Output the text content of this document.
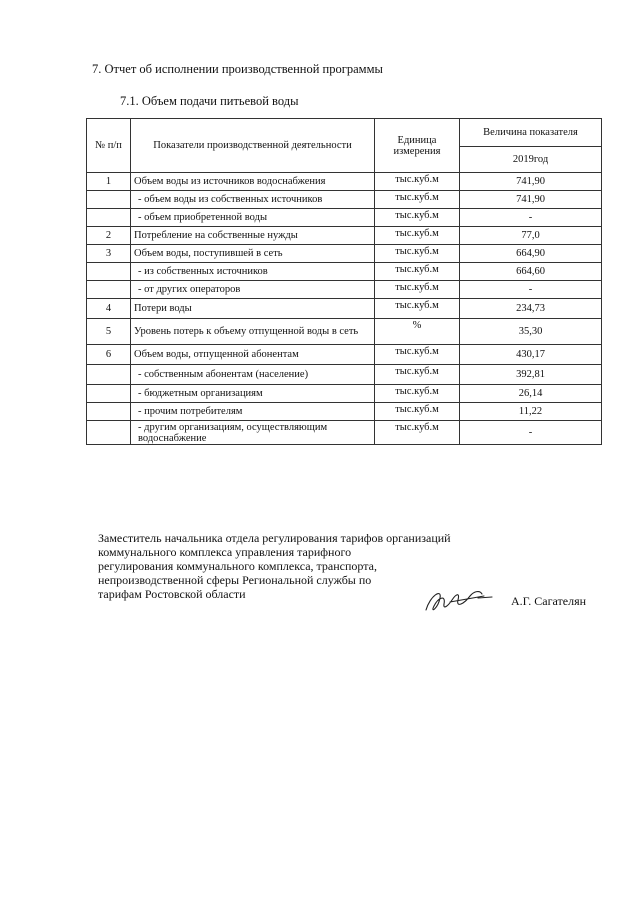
7. Отчет об исполнении производственной программы
7.1. Объем подачи питьевой воды
№ п/п	Показатели производственной деятельности	Единица измерения	Величина показателя
			2019год
1	Объем воды из источников водоснабжения	тыс.куб.м	741,90
	- объем воды из собственных источников	тыс.куб.м	741,90
	- объем приобретенной воды	тыс.куб.м	-
2	Потребление на собственные нужды	тыс.куб.м	77,0
3	Объем воды, поступившей в сеть	тыс.куб.м	664,90
	- из собственных источников	тыс.куб.м	664,60
	- от других операторов	тыс.куб.м	-
4	Потери воды	тыс.куб.м	234,73
5	Уровень потерь к объему отпущенной воды в сеть	%	35,30
6	Объем воды, отпущенной абонентам	тыс.куб.м	430,17
	- собственным абонентам (население)	тыс.куб.м	392,81
	- бюджетным организациям	тыс.куб.м	26,14
	- прочим потребителям	тыс.куб.м	11,22
	- другим организациям, осуществляющим водоснабжение	тыс.куб.м	-
Заместитель начальника отдела регулирования тарифов организаций
коммунального комплекса управления тарифного
регулирования коммунального комплекса, транспорта,
непроизводственной сферы Региональной службы по
тарифам Ростовской области	А.Г. Сагателян
